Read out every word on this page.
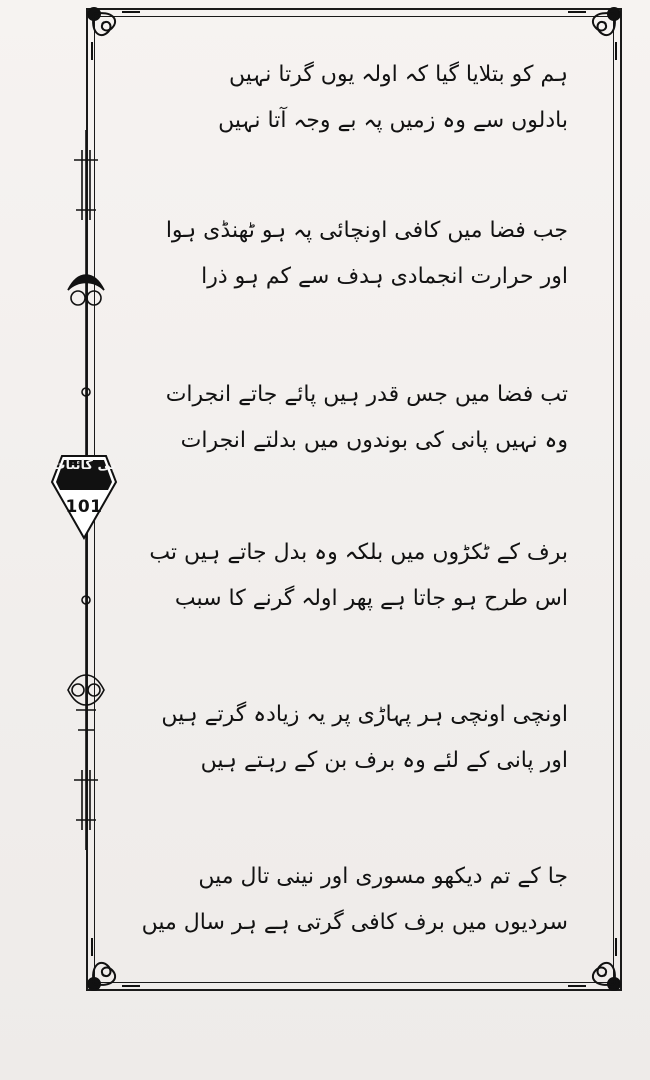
بی کائنات
101
ہم کو بتلایا گیا کہ اولہ یوں گرتا نہیں
بادلوں سے وہ زمیں پہ بے وجہ آتا نہیں
جب فضا میں کافی اونچائی پہ ہو ٹھنڈی ہوا
اور حرارت انجمادی ہدف سے کم ہو ذرا
تب فضا میں جس قدر ہیں پائے جاتے انجرات
وہ نہیں پانی کی بوندوں میں بدلتے انجرات
برف کے ٹکڑوں میں بلکہ وہ بدل جاتے ہیں تب
اس طرح ہو جاتا ہے پھر اولہ گرنے کا سبب
اونچی اونچی ہر پہاڑی پر یہ زیادہ گرتے ہیں
اور پانی کے لئے وہ برف بن کے رہتے ہیں
جا کے تم دیکھو مسوری اور نینی تال میں
سردیوں میں برف کافی گرتی ہے ہر سال میں
